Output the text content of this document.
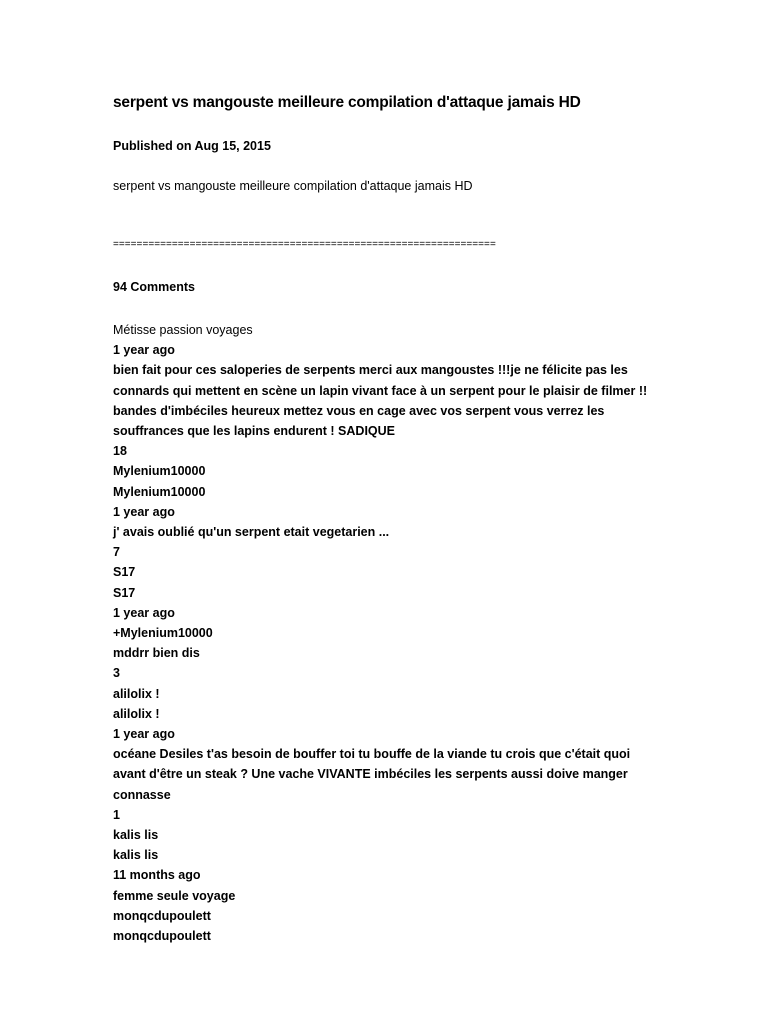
serpent vs mangouste meilleure compilation d'attaque jamais HD
Published on Aug 15, 2015
serpent vs mangouste meilleure compilation d'attaque jamais HD
=================================================================
94 Comments
Métisse passion voyages
1 year ago
bien fait pour ces saloperies de serpents merci aux mangoustes !!!je ne félicite pas les connards qui mettent en scène un lapin vivant face à un serpent pour le plaisir de filmer !! bandes d'imbéciles heureux mettez vous en cage avec vos serpent vous verrez les souffrances que les lapins endurent ! SADIQUE
18
Mylenium10000
Mylenium10000
1 year ago
j' avais oublié qu'un serpent etait vegetarien ...
7
S17
S17
1 year ago
+Mylenium10000
mddrr bien dis
3
alilolix !
alilolix !
1 year ago
océane Desiles t'as besoin de bouffer toi tu bouffe de la viande tu crois que c'était quoi avant d'être un steak ? Une vache VIVANTE imbéciles les serpents aussi doive manger connasse
1
kalis lis
kalis lis
11 months ago
femme seule voyage
monqcdupoulett
monqcdupoulett
